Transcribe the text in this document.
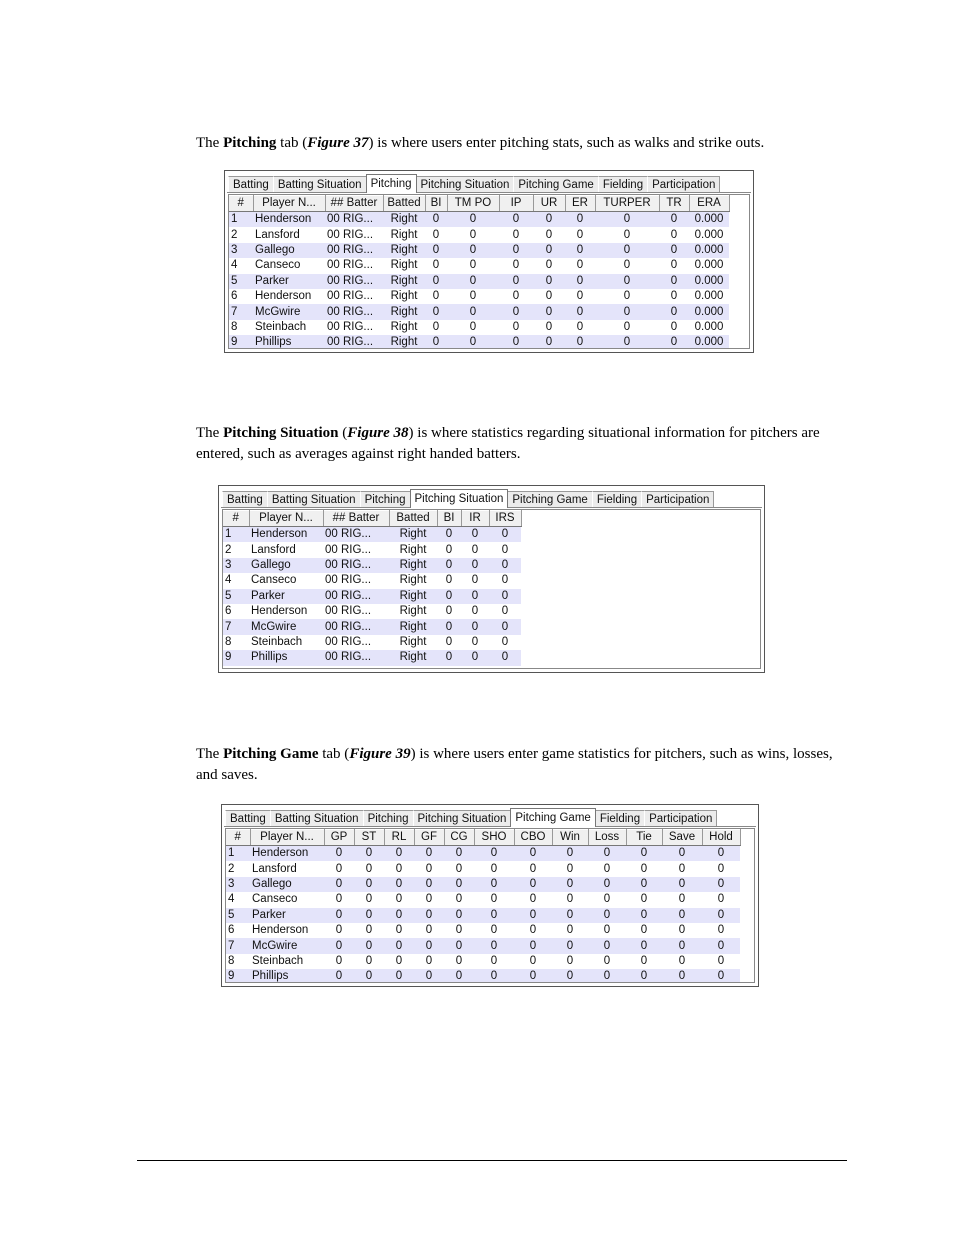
The Pitching tab (Figure 37) is where users enter pitching stats, such as walks and strike outs.

Batting Batting Situation Pitching Pitching Situation Pitching Game Fielding Participation
#	Player N...	## Batter	Batted	BI	TM PO	IP	UR	ER	TURPER	TR	ERA
1	Henderson	00 RIG...	Right	0	0	0	0	0	0	0	0.000
2	Lansford	00 RIG...	Right	0	0	0	0	0	0	0	0.000
3	Gallego	00 RIG...	Right	0	0	0	0	0	0	0	0.000
4	Canseco	00 RIG...	Right	0	0	0	0	0	0	0	0.000
5	Parker	00 RIG...	Right	0	0	0	0	0	0	0	0.000
6	Henderson	00 RIG...	Right	0	0	0	0	0	0	0	0.000
7	McGwire	00 RIG...	Right	0	0	0	0	0	0	0	0.000
8	Steinbach	00 RIG...	Right	0	0	0	0	0	0	0	0.000
9	Phillips	00 RIG...	Right	0	0	0	0	0	0	0	0.000

The Pitching Situation (Figure 38) is where statistics regarding situational information for pitchers are entered, such as averages against right handed batters.

Batting Batting Situation Pitching Pitching Situation Pitching Game Fielding Participation
#	Player N...	## Batter	Batted	BI	IR	IRS
1	Henderson	00 RIG...	Right	0	0	0
2	Lansford	00 RIG...	Right	0	0	0
3	Gallego	00 RIG...	Right	0	0	0
4	Canseco	00 RIG...	Right	0	0	0
5	Parker	00 RIG...	Right	0	0	0
6	Henderson	00 RIG...	Right	0	0	0
7	McGwire	00 RIG...	Right	0	0	0
8	Steinbach	00 RIG...	Right	0	0	0
9	Phillips	00 RIG...	Right	0	0	0

The Pitching Game tab (Figure 39) is where users enter game statistics for pitchers, such as wins, losses, and saves.

Batting Batting Situation Pitching Pitching Situation Pitching Game Fielding Participation
#	Player N...	GP	ST	RL	GF	CG	SHO	CBO	Win	Loss	Tie	Save	Hold
1	Henderson	0	0	0	0	0	0	0	0	0	0	0	0
2	Lansford	0	0	0	0	0	0	0	0	0	0	0	0
3	Gallego	0	0	0	0	0	0	0	0	0	0	0	0
4	Canseco	0	0	0	0	0	0	0	0	0	0	0	0
5	Parker	0	0	0	0	0	0	0	0	0	0	0	0
6	Henderson	0	0	0	0	0	0	0	0	0	0	0	0
7	McGwire	0	0	0	0	0	0	0	0	0	0	0	0
8	Steinbach	0	0	0	0	0	0	0	0	0	0	0	0
9	Phillips	0	0	0	0	0	0	0	0	0	0	0	0
